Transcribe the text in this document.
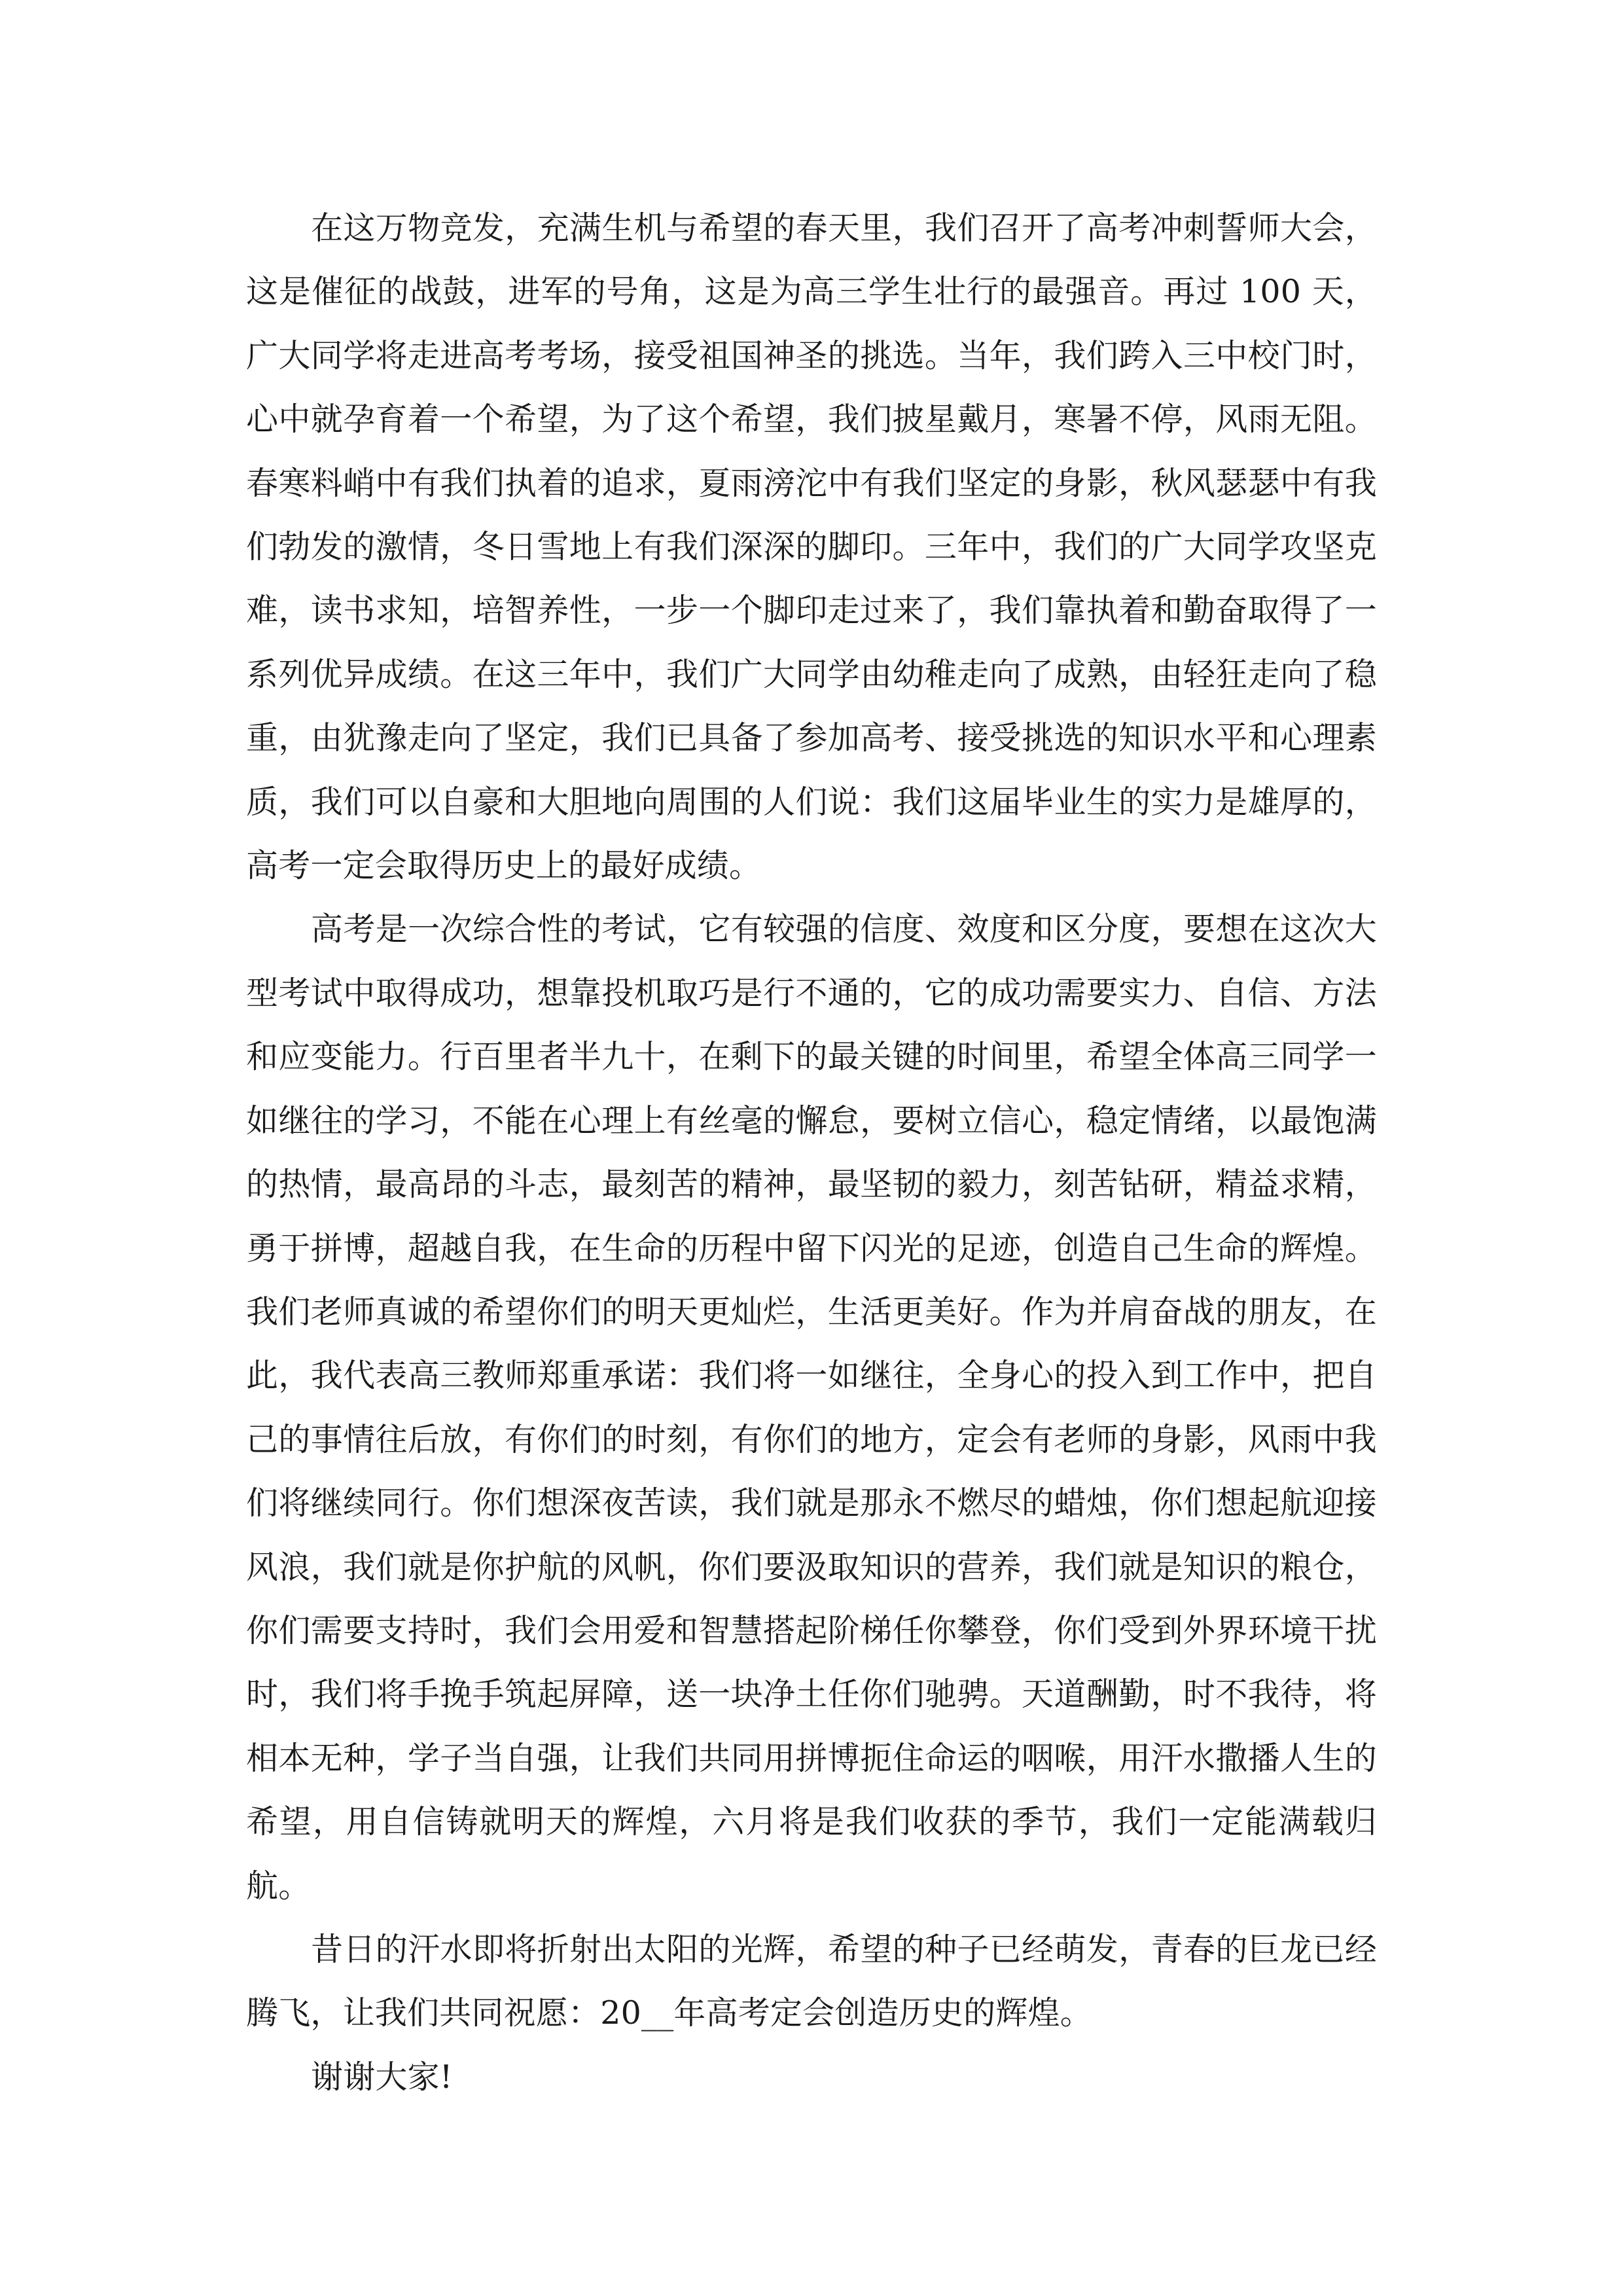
在这万物竞发，充满生机与希望的春天里，我们召开了高考冲刺誓师大会，这是催征的战鼓，进军的号角，这是为高三学生壮行的最强音。再过 100 天，广大同学将走进高考考场，接受祖国神圣的挑选。当年，我们跨入三中校门时，心中就孕育着一个希望，为了这个希望，我们披星戴月，寒暑不停，风雨无阻。春寒料峭中有我们执着的追求，夏雨滂沱中有我们坚定的身影，秋风瑟瑟中有我们勃发的激情，冬日雪地上有我们深深的脚印。三年中，我们的广大同学攻坚克难，读书求知，培智养性，一步一个脚印走过来了，我们靠执着和勤奋取得了一系列优异成绩。在这三年中，我们广大同学由幼稚走向了成熟，由轻狂走向了稳重，由犹豫走向了坚定，我们已具备了参加高考、接受挑选的知识水平和心理素质，我们可以自豪和大胆地向周围的人们说：我们这届毕业生的实力是雄厚的，高考一定会取得历史上的最好成绩。

高考是一次综合性的考试，它有较强的信度、效度和区分度，要想在这次大型考试中取得成功，想靠投机取巧是行不通的，它的成功需要实力、自信、方法和应变能力。行百里者半九十，在剩下的最关键的时间里，希望全体高三同学一如继往的学习，不能在心理上有丝毫的懈怠，要树立信心，稳定情绪，以最饱满的热情，最高昂的斗志，最刻苦的精神，最坚韧的毅力，刻苦钻研，精益求精，勇于拼博，超越自我，在生命的历程中留下闪光的足迹，创造自己生命的辉煌。我们老师真诚的希望你们的明天更灿烂，生活更美好。作为并肩奋战的朋友，在此，我代表高三教师郑重承诺：我们将一如继往，全身心的投入到工作中，把自己的事情往后放，有你们的时刻，有你们的地方，定会有老师的身影，风雨中我们将继续同行。你们想深夜苦读，我们就是那永不燃尽的蜡烛，你们想起航迎接风浪，我们就是你护航的风帆，你们要汲取知识的营养，我们就是知识的粮仓，你们需要支持时，我们会用爱和智慧搭起阶梯任你攀登，你们受到外界环境干扰时，我们将手挽手筑起屏障，送一块净土任你们驰骋。天道酬勤，时不我待，将相本无种，学子当自强，让我们共同用拼博扼住命运的咽喉，用汗水撒播人生的希望，用自信铸就明天的辉煌，六月将是我们收获的季节，我们一定能满载归航。

昔日的汗水即将折射出太阳的光辉，希望的种子已经萌发，青春的巨龙已经腾飞，让我们共同祝愿：20__年高考定会创造历史的辉煌。

谢谢大家!
